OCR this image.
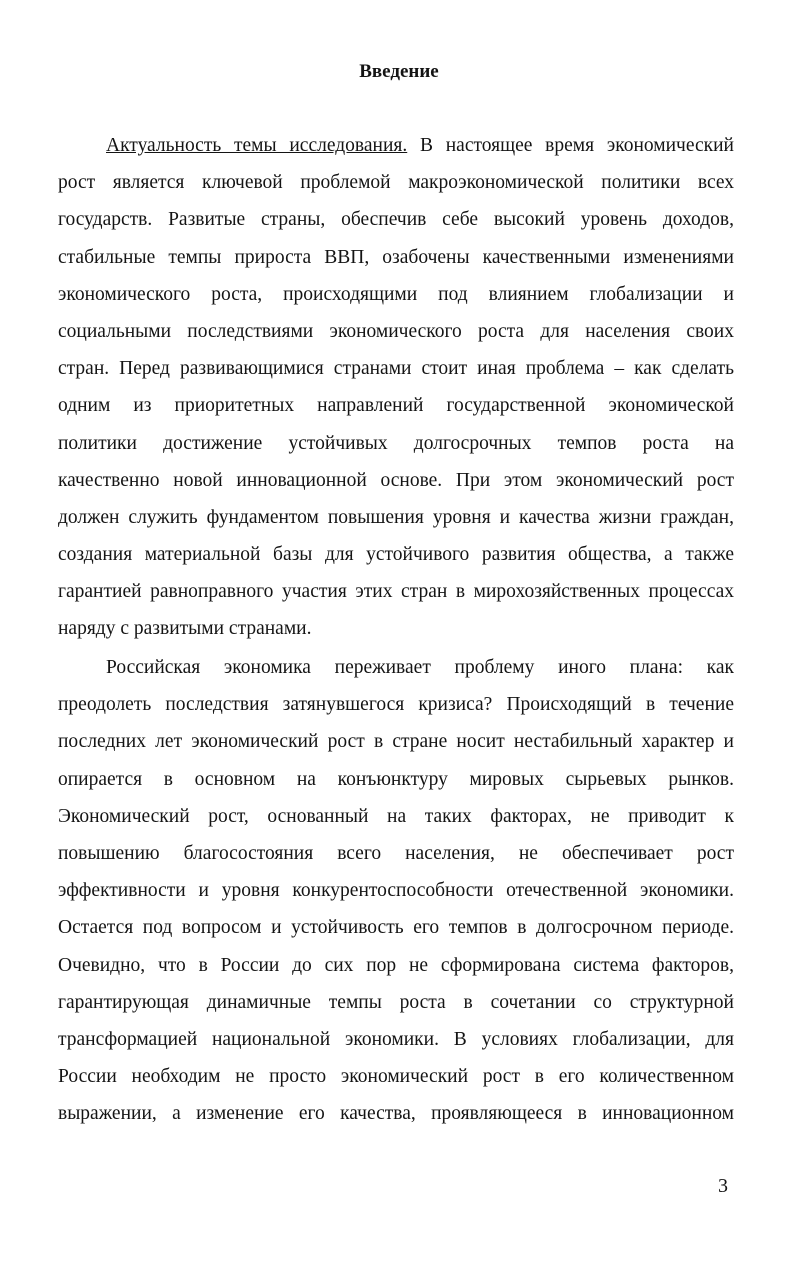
Введение
Актуальность темы исследования. В настоящее время экономический
рост является ключевой проблемой макроэкономической политики всех
государств. Развитые страны, обеспечив себе высокий уровень доходов,
стабильные темпы прироста ВВП, озабочены качественными изменениями
экономического роста, происходящими под влиянием глобализации и
социальными последствиями экономического роста для населения своих
стран. Перед развивающимися странами стоит иная проблема – как сделать
одним из приоритетных направлений государственной экономической
политики достижение устойчивых долгосрочных темпов роста на
качественно новой инновационной основе. При этом экономический рост
должен служить фундаментом повышения уровня и качества жизни граждан,
создания материальной базы для устойчивого развития общества, а также
гарантией равноправного участия этих стран в мирохозяйственных процессах
наряду с развитыми странами.
Российская экономика переживает проблему иного плана: как
преодолеть последствия затянувшегося кризиса? Происходящий в течение
последних лет экономический рост в стране носит нестабильный характер и
опирается в основном на конъюнктуру мировых сырьевых рынков.
Экономический рост, основанный на таких факторах, не приводит к
повышению благосостояния всего населения, не обеспечивает рост
эффективности и уровня конкурентоспособности отечественной экономики.
Остается под вопросом и устойчивость его темпов в долгосрочном периоде.
Очевидно, что в России до сих пор не сформирована система факторов,
гарантирующая динамичные темпы роста в сочетании со структурной
трансформацией национальной экономики. В условиях глобализации, для
России необходим не просто экономический рост в его количественном
выражении, а изменение его качества, проявляющееся в инновационном
3
